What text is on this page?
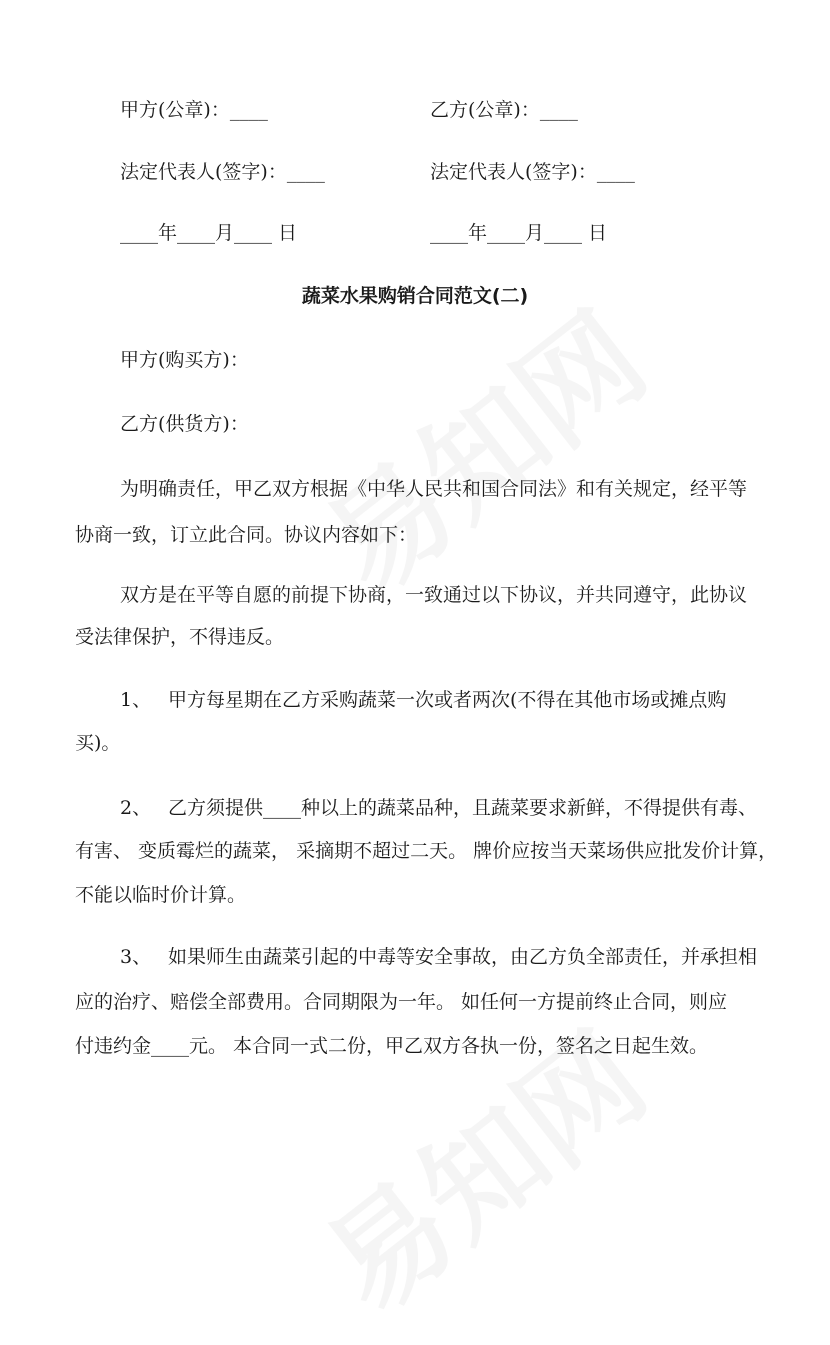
甲方(公章)：____	乙方(公章)：____
法定代表人(签字)：____	法定代表人(签字)：____
____年____月____ 日	____年____月____ 日
蔬菜水果购销合同范文(二)
甲方(购买方)：
乙方(供货方)：
为明确责任，甲乙双方根据《中华人民共和国合同法》和有关规定，经平等
协商一致，订立此合同。协议内容如下：
双方是在平等自愿的前提下协商，一致通过以下协议，并共同遵守，此协议
受法律保护，不得违反。
1、 甲方每星期在乙方采购蔬菜一次或者两次(不得在其他市场或摊点购
买)。
2、 乙方须提供____种以上的蔬菜品种，且蔬菜要求新鲜，不得提供有毒、
有害、 变质霉烂的蔬菜， 采摘期不超过二天。 牌价应按当天菜场供应批发价计算，
不能以临时价计算。
3、 如果师生由蔬菜引起的中毒等安全事故，由乙方负全部责任，并承担相
应的治疗、赔偿全部费用。合同期限为一年。 如任何一方提前终止合同，则应
付违约金____元。 本合同一式二份，甲乙双方各执一份，签名之日起生效。
